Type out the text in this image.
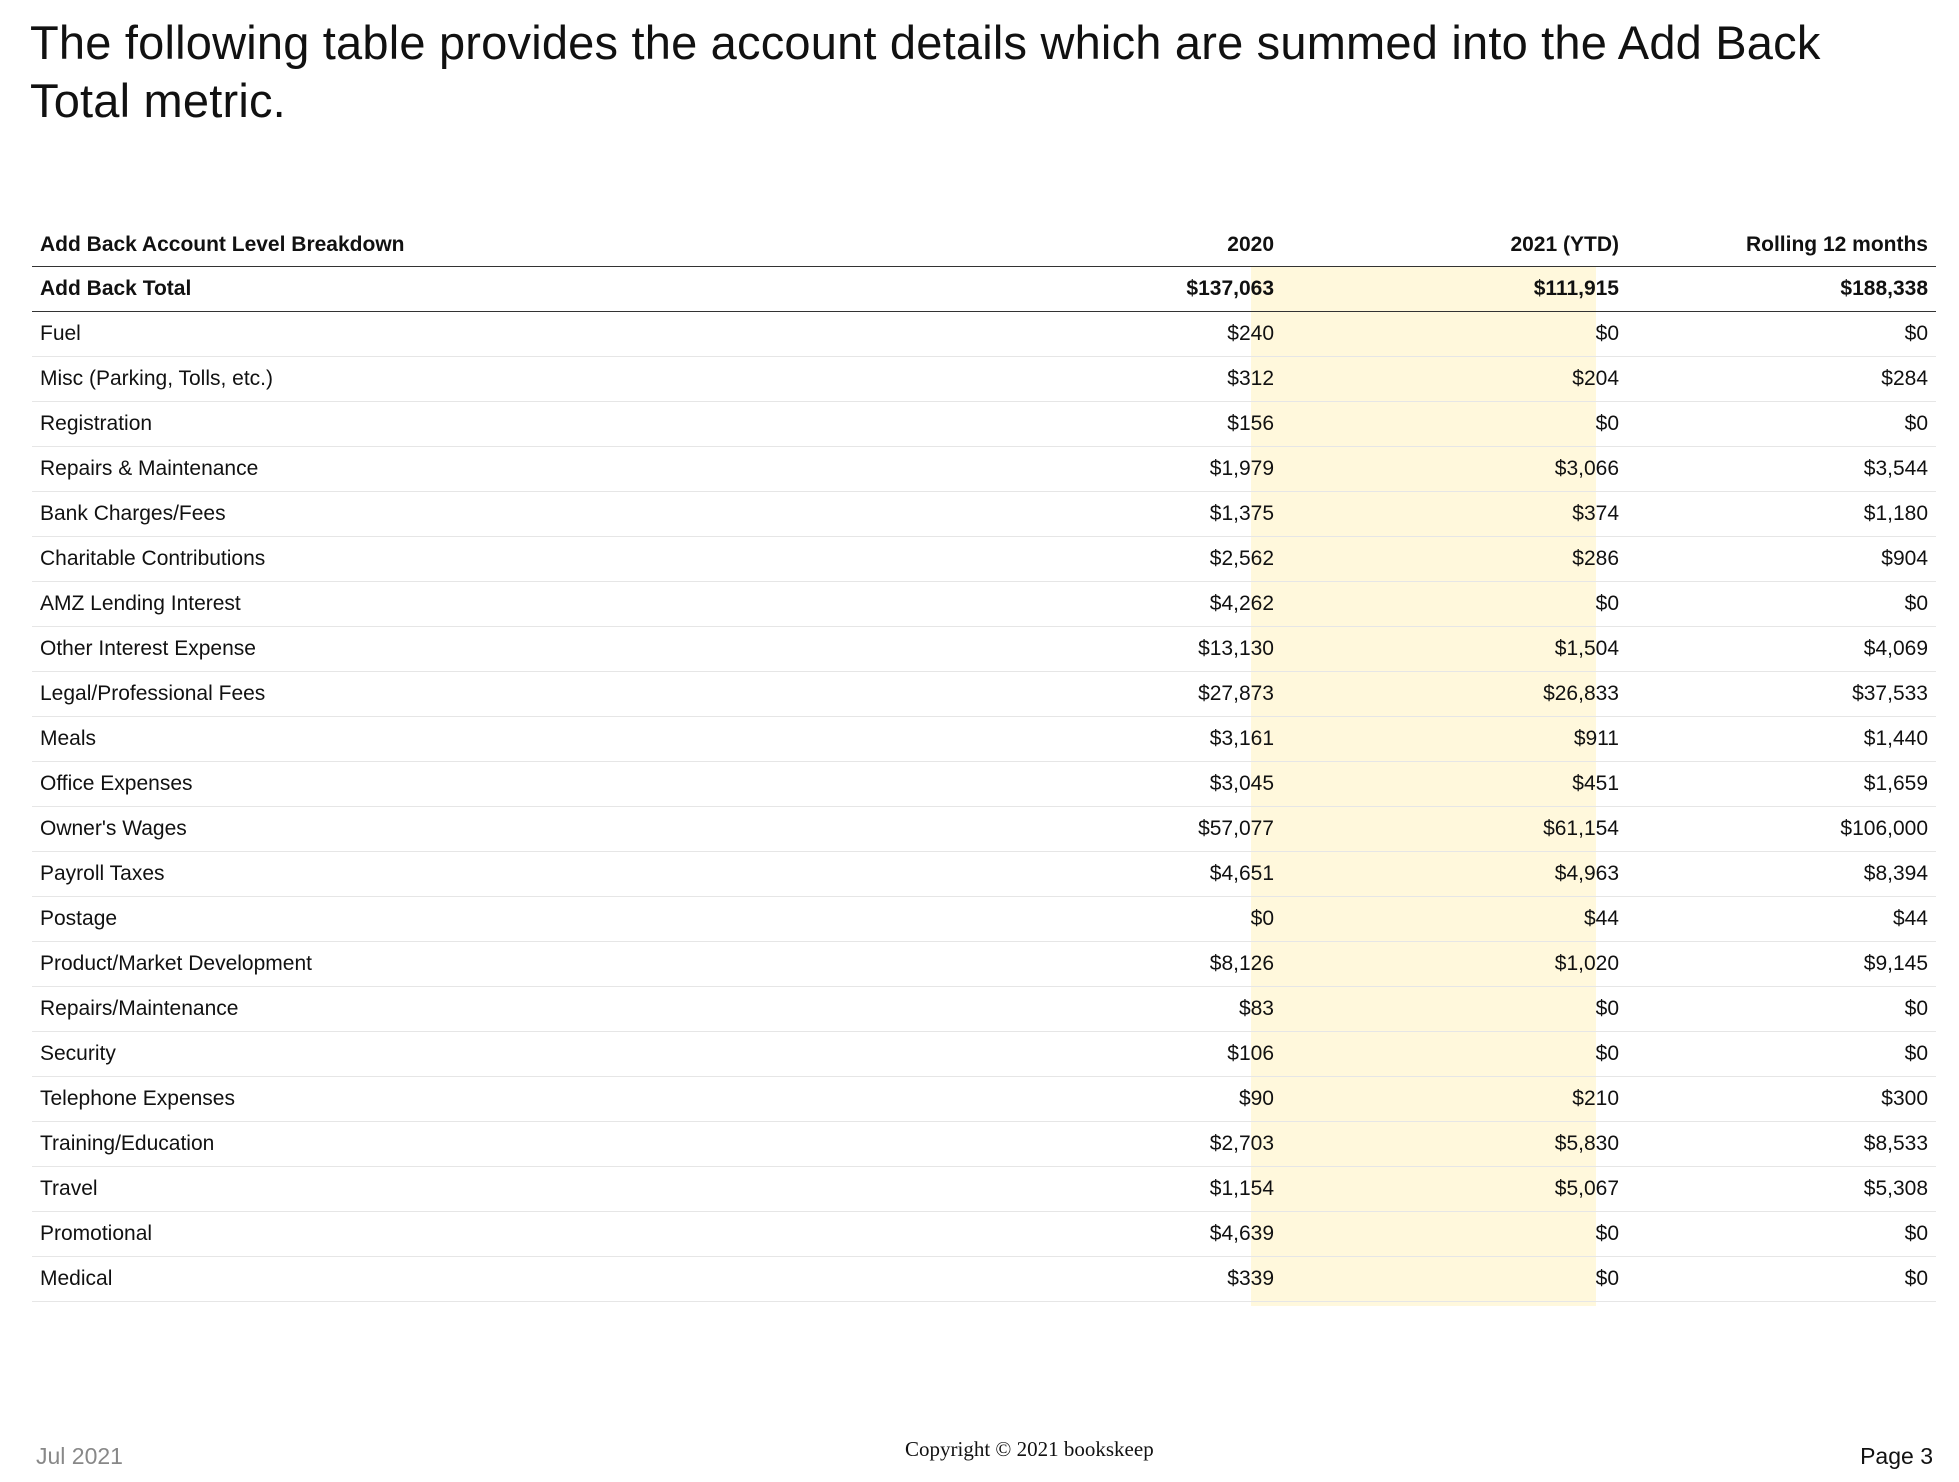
The following table provides the account details which are summed into the Add Back Total metric.
Add Back Account Level Breakdown	2020	2021 (YTD)	Rolling 12 months
Add Back Total	$137,063	$111,915	$188,338
Fuel	$240	$0	$0
Misc (Parking, Tolls, etc.)	$312	$204	$284
Registration	$156	$0	$0
Repairs & Maintenance	$1,979	$3,066	$3,544
Bank Charges/Fees	$1,375	$374	$1,180
Charitable Contributions	$2,562	$286	$904
AMZ Lending Interest	$4,262	$0	$0
Other Interest Expense	$13,130	$1,504	$4,069
Legal/Professional Fees	$27,873	$26,833	$37,533
Meals	$3,161	$911	$1,440
Office Expenses	$3,045	$451	$1,659
Owner's Wages	$57,077	$61,154	$106,000
Payroll Taxes	$4,651	$4,963	$8,394
Postage	$0	$44	$44
Product/Market Development	$8,126	$1,020	$9,145
Repairs/Maintenance	$83	$0	$0
Security	$106	$0	$0
Telephone Expenses	$90	$210	$300
Training/Education	$2,703	$5,830	$8,533
Travel	$1,154	$5,067	$5,308
Promotional	$4,639	$0	$0
Medical	$339	$0	$0
Jul 2021	Copyright © 2021 bookskeep	Page 3
